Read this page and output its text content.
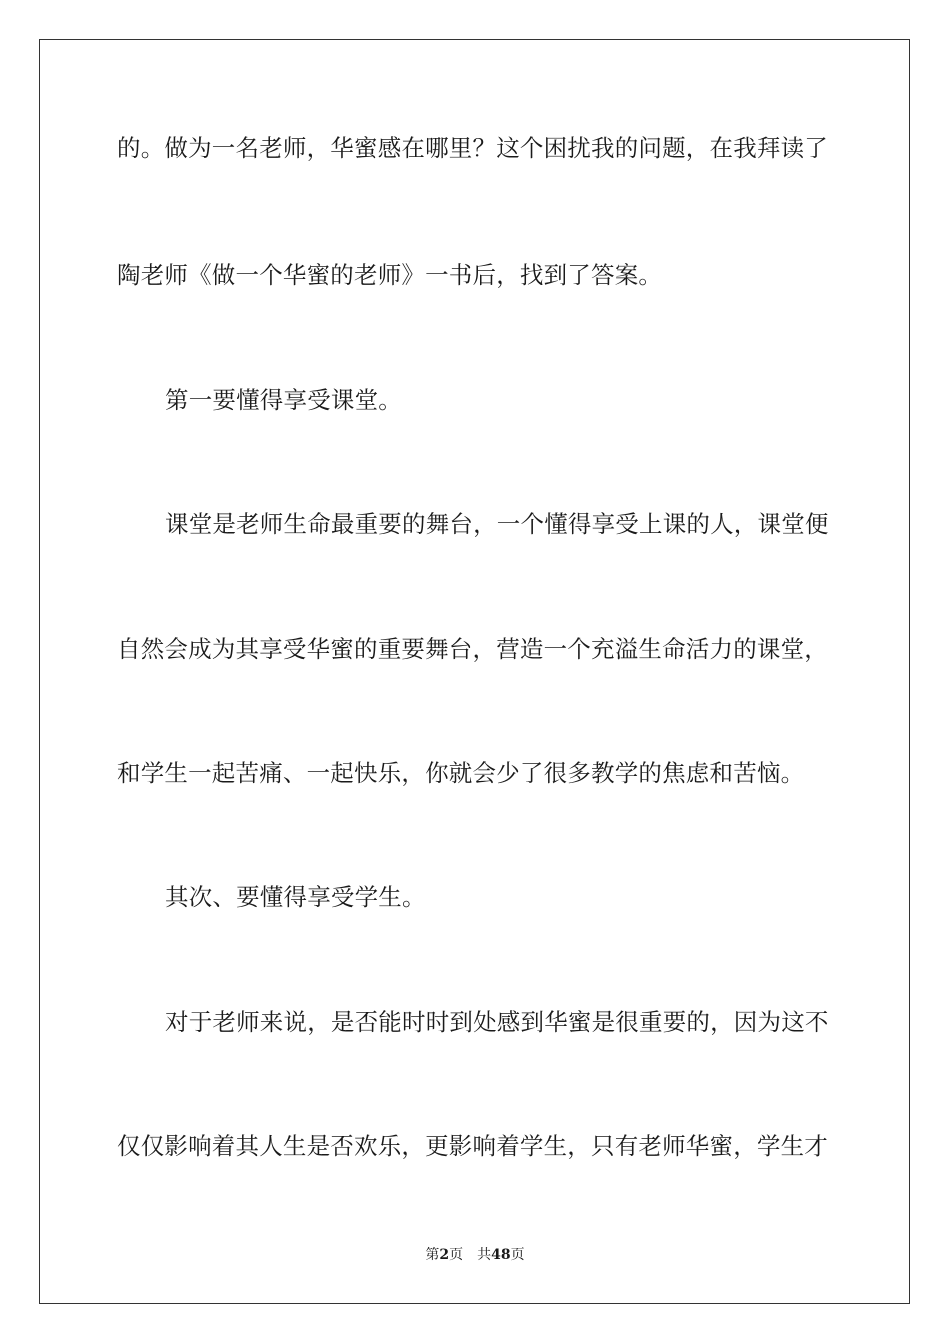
的。做为一名老师，华蜜感在哪里？这个困扰我的问题，在我拜读了
陶老师《做一个华蜜的老师》一书后，找到了答案。
第一要懂得享受课堂。
课堂是老师生命最重要的舞台，一个懂得享受上课的人，课堂便
自然会成为其享受华蜜的重要舞台，营造一个充溢生命活力的课堂，
和学生一起苦痛、一起快乐，你就会少了很多教学的焦虑和苦恼。
其次、要懂得享受学生。
对于老师来说，是否能时时到处感到华蜜是很重要的，因为这不
仅仅影响着其人生是否欢乐，更影响着学生，只有老师华蜜，学生才
第2页 共48页
